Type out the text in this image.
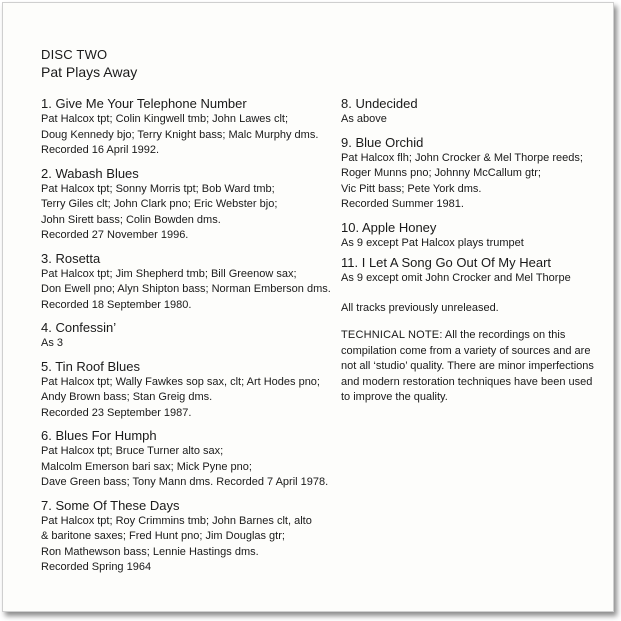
DISC TWO
Pat Plays Away
1. Give Me Your Telephone Number
Pat Halcox tpt; Colin Kingwell tmb; John Lawes clt;
Doug Kennedy bjo; Terry Knight bass; Malc Murphy dms.
Recorded 16 April 1992.
2. Wabash Blues
Pat Halcox tpt; Sonny Morris tpt; Bob Ward tmb;
Terry Giles clt; John Clark pno; Eric Webster bjo;
John Sirett bass; Colin Bowden dms.
Recorded 27 November 1996.
3. Rosetta
Pat Halcox tpt; Jim Shepherd tmb; Bill Greenow sax;
Don Ewell pno; Alyn Shipton bass; Norman Emberson dms.
Recorded 18 September 1980.
4. Confessin’
As 3
5. Tin Roof Blues
Pat Halcox tpt; Wally Fawkes sop sax, clt; Art Hodes pno;
Andy Brown bass; Stan Greig dms.
Recorded 23 September 1987.
6. Blues For Humph
Pat Halcox tpt; Bruce Turner alto sax;
Malcolm Emerson bari sax; Mick Pyne pno;
Dave Green bass; Tony Mann dms. Recorded 7 April 1978.
7. Some Of These Days
Pat Halcox tpt; Roy Crimmins tmb; John Barnes clt, alto
& baritone saxes; Fred Hunt pno; Jim Douglas gtr;
Ron Mathewson bass; Lennie Hastings dms.
Recorded Spring 1964
8. Undecided
As above
9. Blue Orchid
Pat Halcox flh; John Crocker & Mel Thorpe reeds;
Roger Munns pno; Johnny McCallum gtr;
Vic Pitt bass; Pete York dms.
Recorded Summer 1981.
10. Apple Honey
As 9 except Pat Halcox plays trumpet
11. I Let A Song Go Out Of My Heart
As 9 except omit John Crocker and Mel Thorpe
All tracks previously unreleased.
TECHNICAL NOTE: All the recordings on this compilation come from a variety of sources and are not all ‘studio’ quality. There are minor imperfections and modern restoration techniques have been used to improve the quality.
